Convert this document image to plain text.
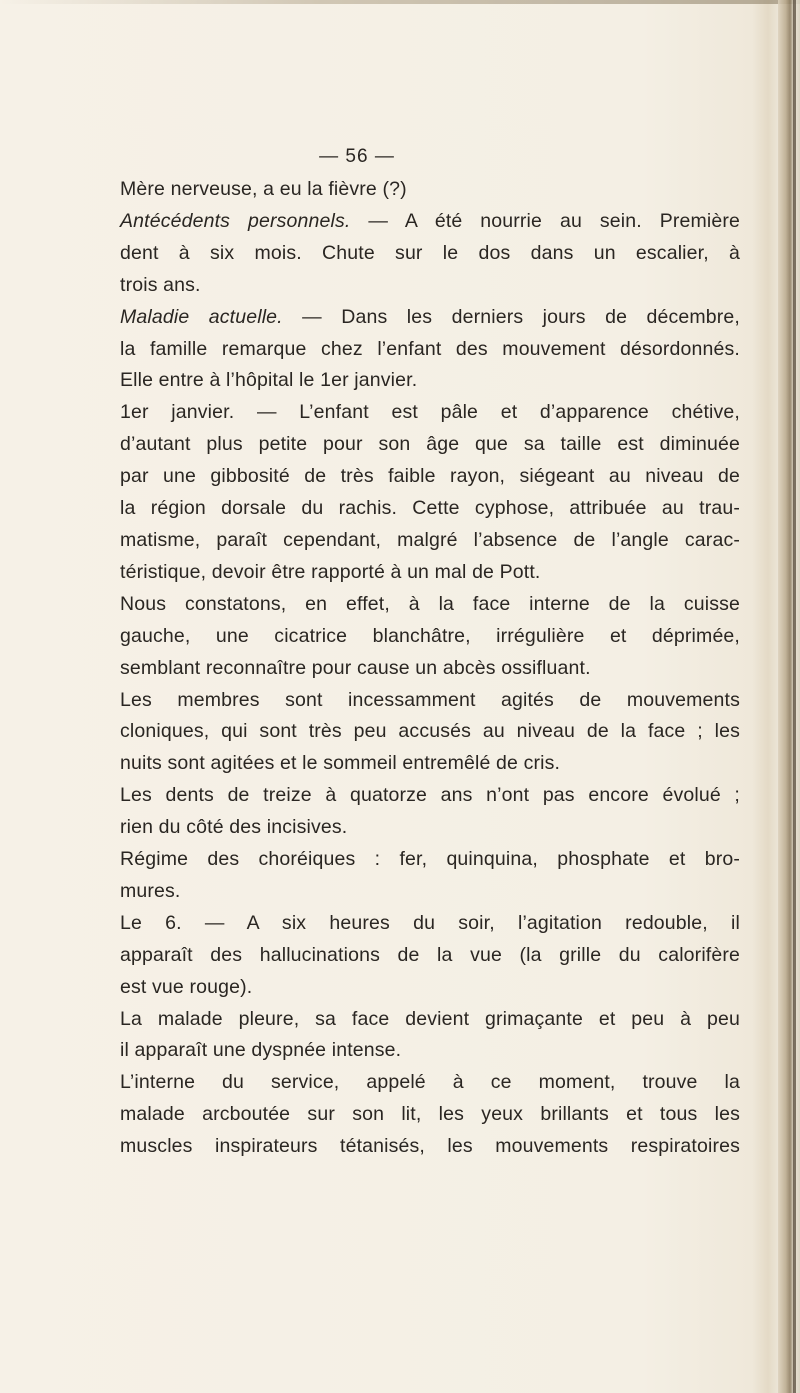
— 56 —
Mère nerveuse, a eu la fièvre (?)
Antécédents personnels. — A été nourrie au sein. Première
dent à six mois. Chute sur le dos dans un escalier, à
trois ans.
Maladie actuelle. — Dans les derniers jours de décembre,
la famille remarque chez l’enfant des mouvement désordonnés.
Elle entre à l’hôpital le 1er janvier.
1er janvier. — L’enfant est pâle et d’apparence chétive,
d’autant plus petite pour son âge que sa taille est diminuée
par une gibbosité de très faible rayon, siégeant au niveau de
la région dorsale du rachis. Cette cyphose, attribuée au trau-
matisme, paraît cependant, malgré l’absence de l’angle carac-
téristique, devoir être rapporté à un mal de Pott.
Nous constatons, en effet, à la face interne de la cuisse
gauche, une cicatrice blanchâtre, irrégulière et déprimée,
semblant reconnaître pour cause un abcès ossifluant.
Les membres sont incessamment agités de mouvements
cloniques, qui sont très peu accusés au niveau de la face ; les
nuits sont agitées et le sommeil entremêlé de cris.
Les dents de treize à quatorze ans n’ont pas encore évolué ;
rien du côté des incisives.
Régime des choréiques : fer, quinquina, phosphate et bro-
mures.
Le 6. — A six heures du soir, l’agitation redouble, il
apparaît des hallucinations de la vue (la grille du calorifère
est vue rouge).
La malade pleure, sa face devient grimaçante et peu à peu
il apparaît une dyspnée intense.
L’interne du service, appelé à ce moment, trouve la
malade arcboutée sur son lit, les yeux brillants et tous les
muscles inspirateurs tétanisés, les mouvements respiratoires
